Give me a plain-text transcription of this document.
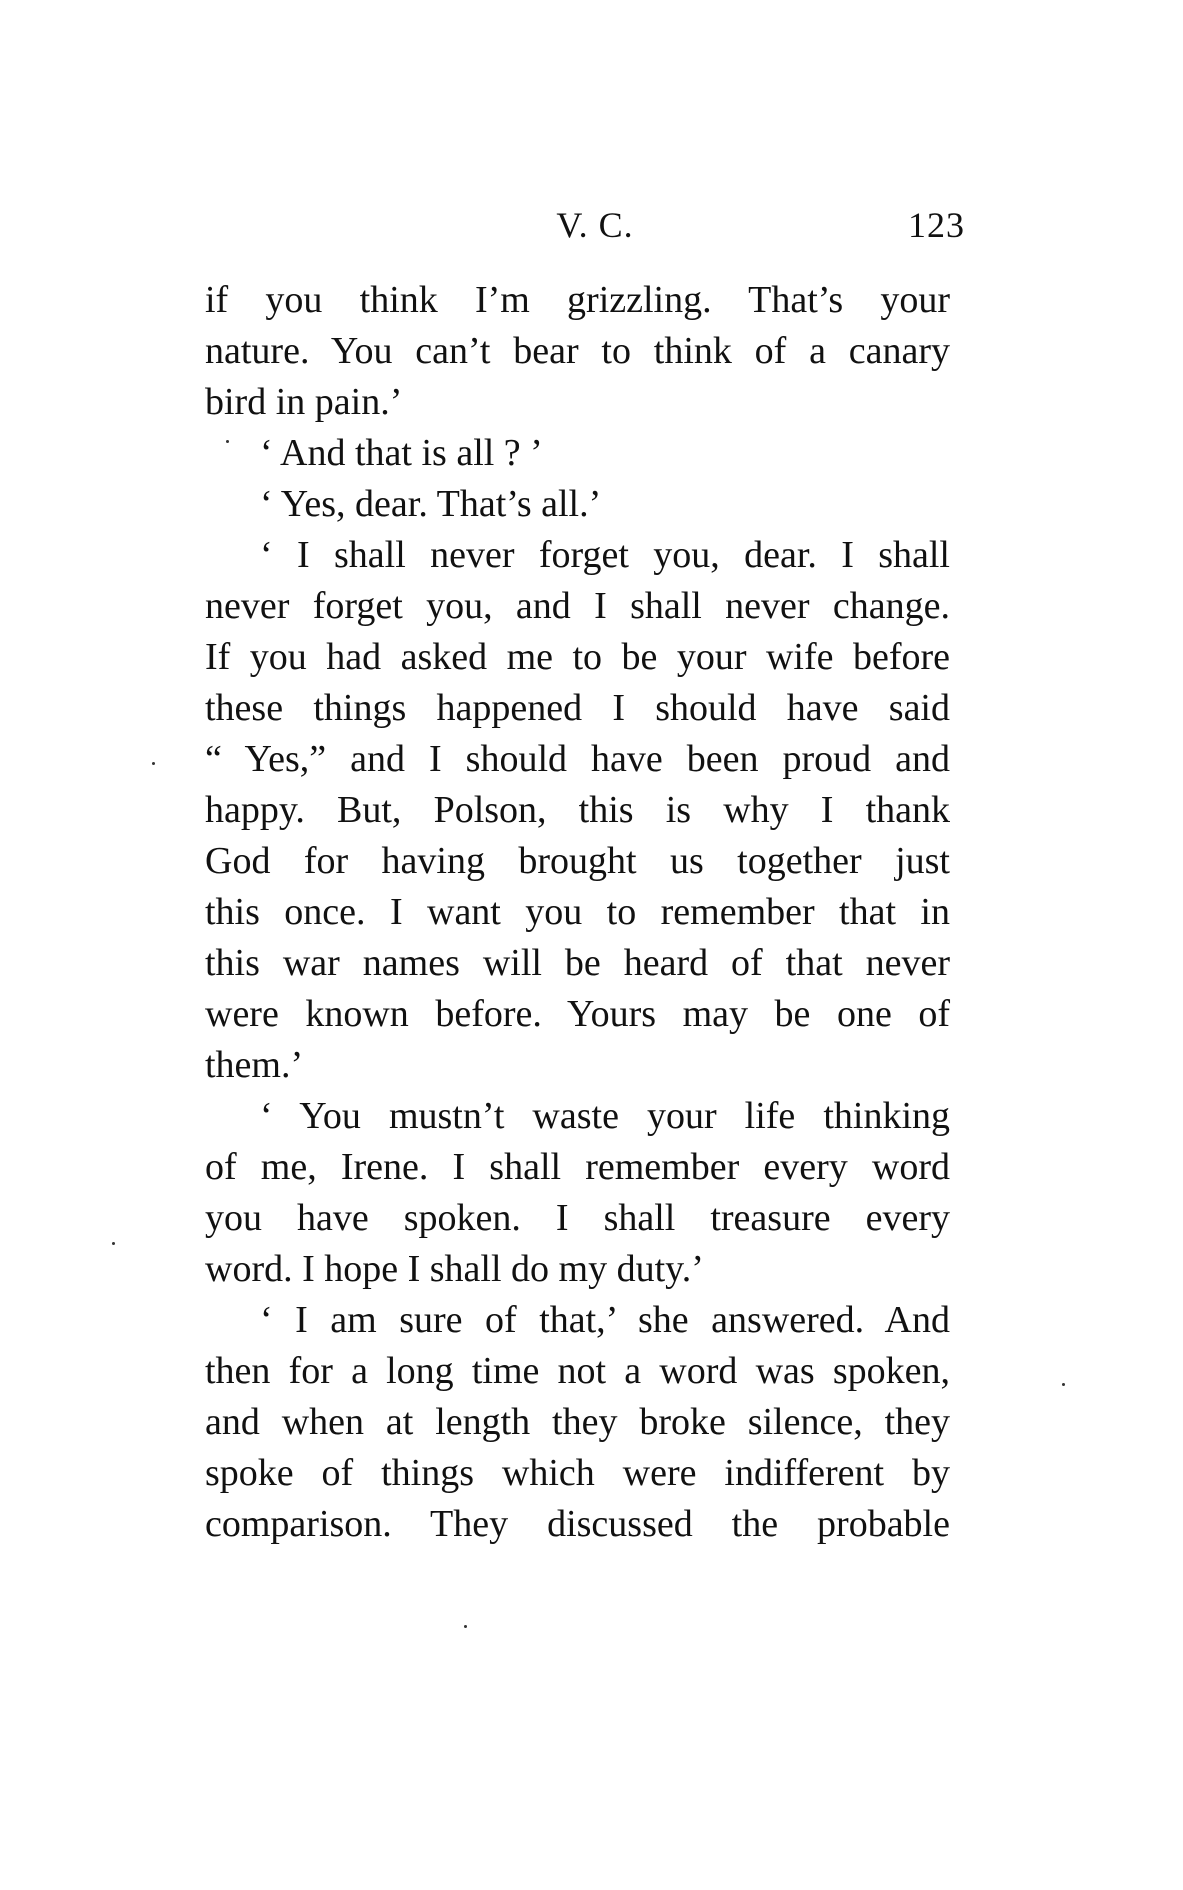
V. C.	123
if you think I’m grizzling. That’s your
nature. You can’t bear to think of a canary
bird in pain.’
‘ And that is all ? ’
‘ Yes, dear. That’s all.’
‘ I shall never forget you, dear. I shall
never forget you, and I shall never change.
If you had asked me to be your wife before
these things happened I should have said
“ Yes,” and I should have been proud and
happy. But, Polson, this is why I thank
God for having brought us together just
this once. I want you to remember that in
this war names will be heard of that never
were known before. Yours may be one of
them.’
‘ You mustn’t waste your life thinking
of me, Irene. I shall remember every word
you have spoken. I shall treasure every
word. I hope I shall do my duty.’
‘ I am sure of that,’ she answered. And
then for a long time not a word was spoken,
and when at length they broke silence, they
spoke of things which were indifferent by
comparison. They discussed the probable
